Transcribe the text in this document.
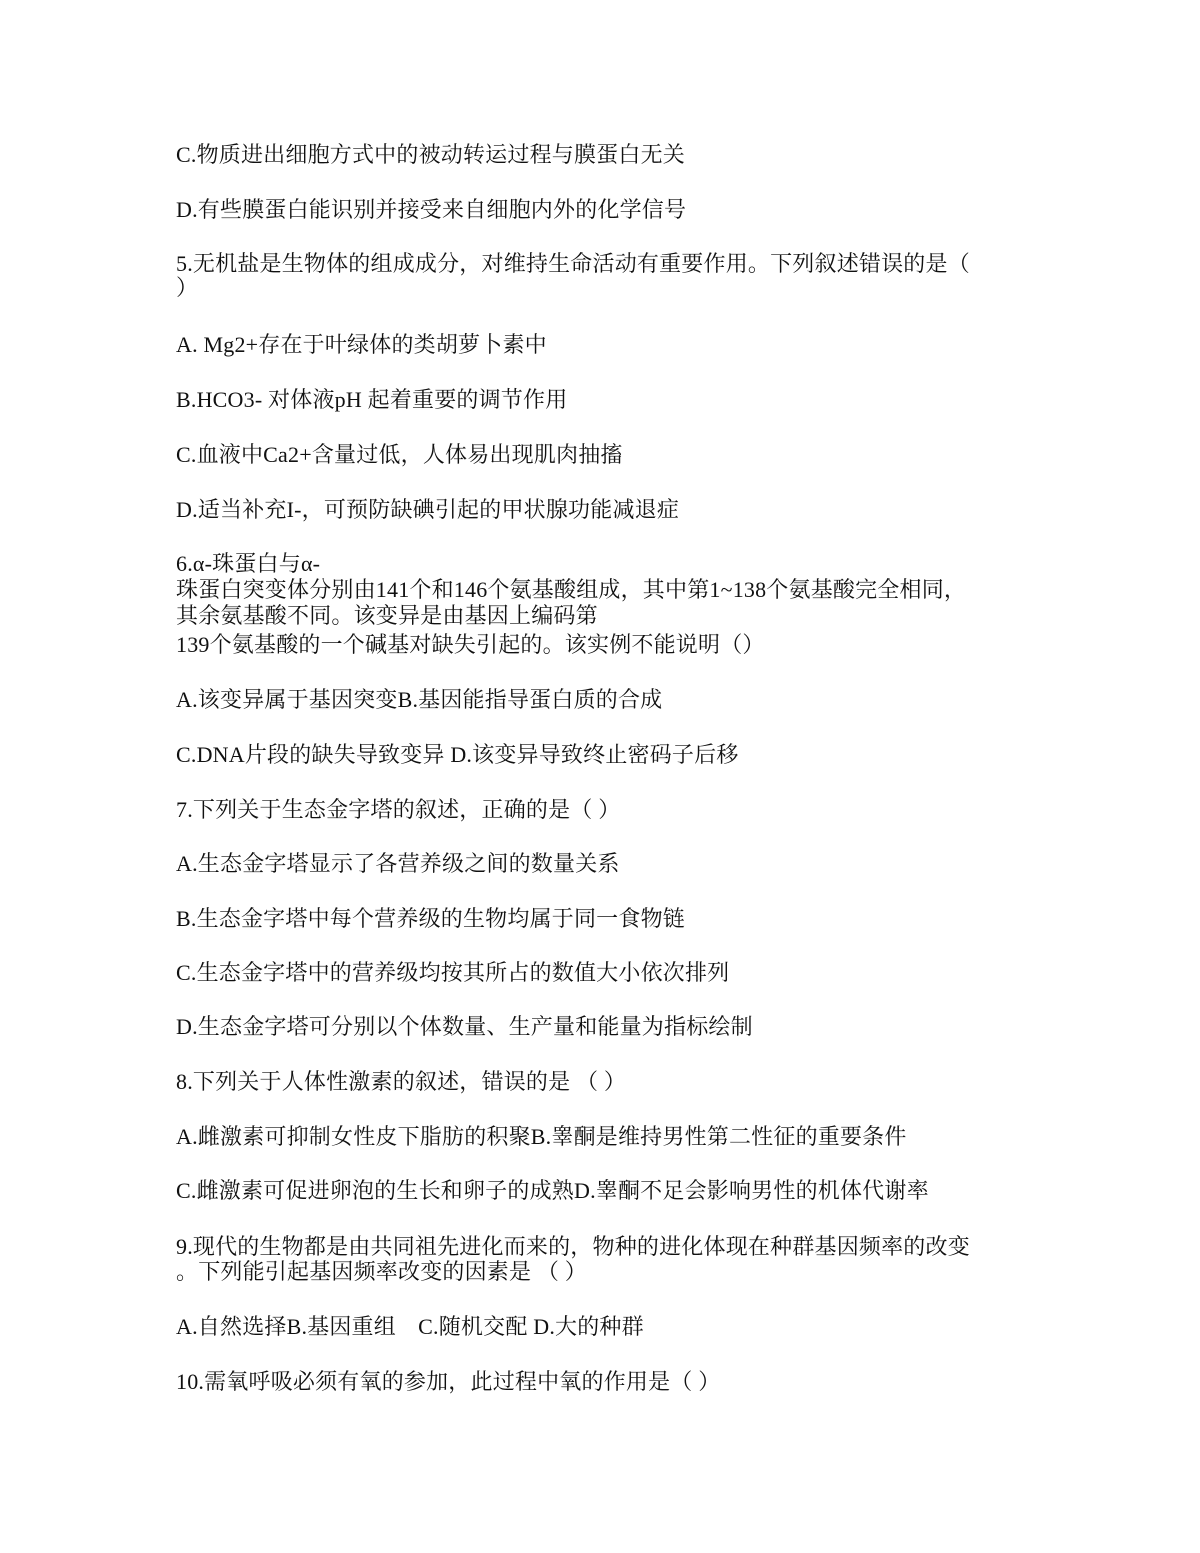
C.物质进出细胞方式中的被动转运过程与膜蛋白无关
D.有些膜蛋白能识别并接受来自细胞内外的化学信号
5.无机盐是生物体的组成成分，对维持生命活动有重要作用。下列叙述错误的是（
）
A. Mg2+存在于叶绿体的类胡萝卜素中
B.HCO3- 对体液pH 起着重要的调节作用
C.血液中Ca2+含量过低，人体易出现肌肉抽搐
D.适当补充I-，可预防缺碘引起的甲状腺功能减退症
6.α-珠蛋白与α-
珠蛋白突变体分别由141个和146个氨基酸组成，其中第1~138个氨基酸完全相同，
其余氨基酸不同。该变异是由基因上编码第
139个氨基酸的一个碱基对缺失引起的。该实例不能说明（）
A.该变异属于基因突变B.基因能指导蛋白质的合成
C.DNA片段的缺失导致变异 D.该变异导致终止密码子后移
7.下列关于生态金字塔的叙述，正确的是（ ）
A.生态金字塔显示了各营养级之间的数量关系
B.生态金字塔中每个营养级的生物均属于同一食物链
C.生态金字塔中的营养级均按其所占的数值大小依次排列
D.生态金字塔可分别以个体数量、生产量和能量为指标绘制
8.下列关于人体性激素的叙述，错误的是 （ ）
A.雌激素可抑制女性皮下脂肪的积聚B.睾酮是维持男性第二性征的重要条件
C.雌激素可促进卵泡的生长和卵子的成熟D.睾酮不足会影响男性的机体代谢率
9.现代的生物都是由共同祖先进化而来的，物种的进化体现在种群基因频率的改变
。下列能引起基因频率改变的因素是 （ ）
A.自然选择B.基因重组　C.随机交配 D.大的种群
10.需氧呼吸必须有氧的参加，此过程中氧的作用是（ ）
